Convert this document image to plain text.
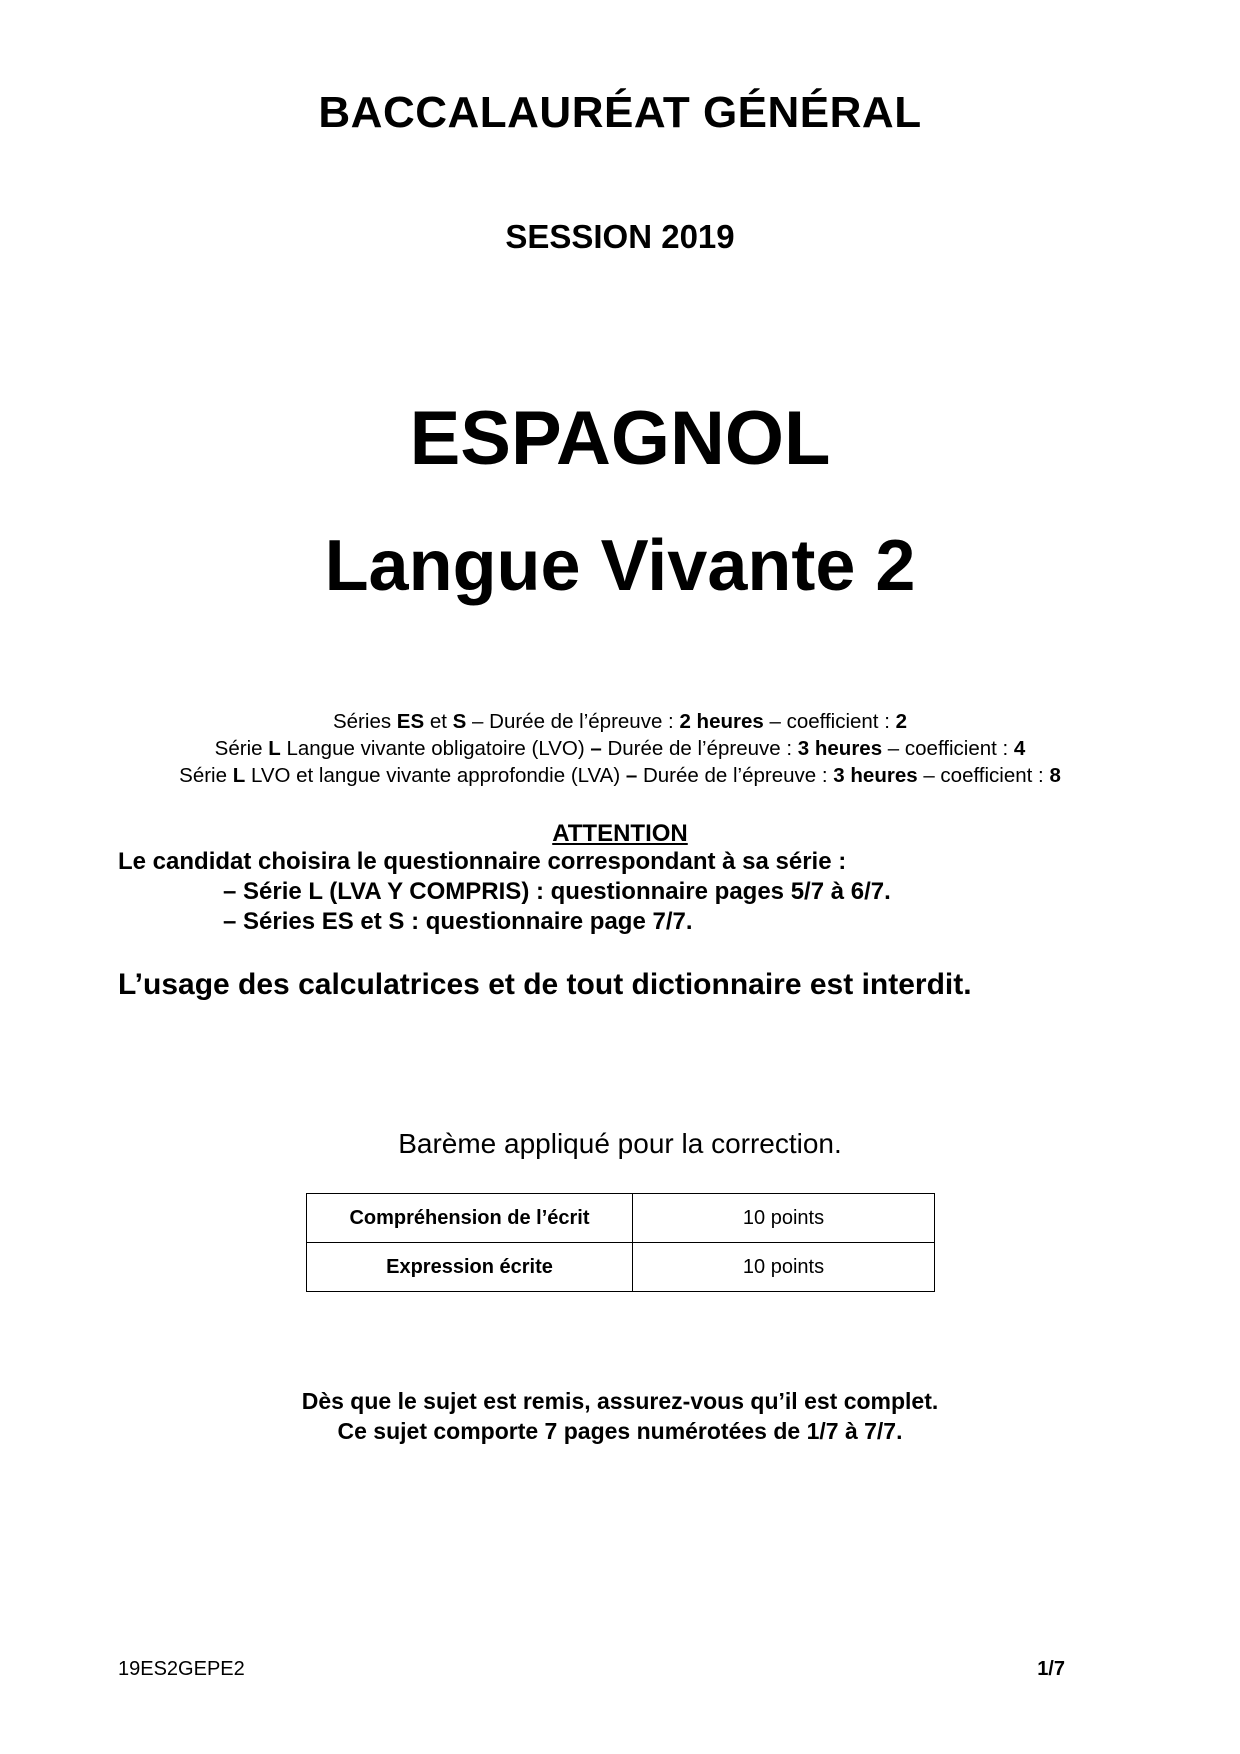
BACCALAURÉAT GÉNÉRAL
SESSION 2019
ESPAGNOL
Langue Vivante 2
Séries ES et S – Durée de l’épreuve : 2 heures – coefficient : 2
Série L Langue vivante obligatoire (LVO) – Durée de l’épreuve : 3 heures – coefficient : 4
Série L LVO et langue vivante approfondie (LVA) – Durée de l’épreuve : 3 heures – coefficient : 8
ATTENTION
Le candidat choisira le questionnaire correspondant à sa série :
– Série L (LVA Y COMPRIS) : questionnaire pages 5/7 à 6/7.
– Séries ES et S : questionnaire page 7/7.
L’usage des calculatrices et de tout dictionnaire est interdit.
Barème appliqué pour la correction.
Compréhension de l’écrit	10 points
Expression écrite	10 points
Dès que le sujet est remis, assurez-vous qu’il est complet.
Ce sujet comporte 7 pages numérotées de 1/7 à 7/7.
19ES2GEPE2	1/7
